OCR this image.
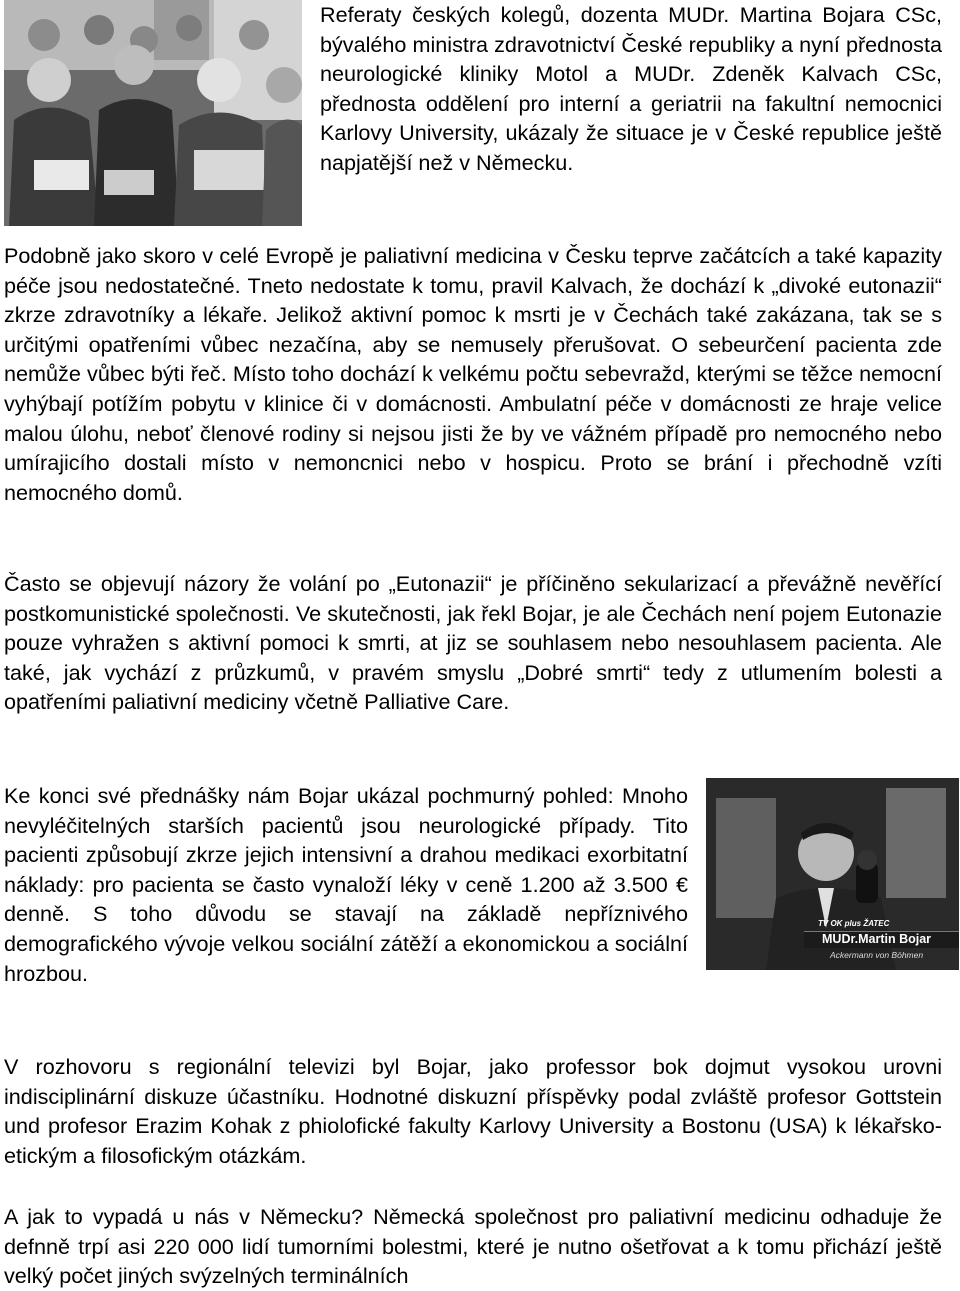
Referaty českých kolegů, dozenta MUDr. Martina Bojara CSc, bývalého ministra zdravotnictví České republiky a nyní přednosta neurologické kliniky Motol a MUDr. Zdeněk Kalvach CSc, přednosta oddělení pro interní a geriatrii na fakultní nemocnici Karlovy University, ukázaly že situace je v České republice ještě napjatější než v Německu.

Podobně jako skoro v celé Evropě je paliativní medicina v Česku teprve začátcích a také kapazity péče jsou nedostatečné. Tneto nedostate k tomu, pravil Kalvach, že dochází k „divoké eutonazii“ zkrze zdravotníky a lékaře. Jelikož aktivní pomoc k msrti je v Čechách také zakázana, tak se s určitými opatřeními vůbec nezačína, aby se nemusely přerušovat. O sebeurčení pacienta zde nemůže vůbec býti řeč. Místo toho dochází k velkému počtu sebevražd, kterými se těžce nemocní vyhýbají potížím pobytu v klinice či v domácnosti. Ambulatní péče v domácnosti ze hraje velice malou úlohu, neboť členové rodiny si nejsou jisti že by ve vážném případě pro nemocného nebo umírajicího dostali místo v nemoncnici nebo v hospicu. Proto se brání i přechodně vzíti nemocného domů.

Často se objevují názory že volání po „Eutonazii“ je příčiněno sekularizací a převážně nevěřící postkomunistické společnosti. Ve skutečnosti, jak řekl Bojar, je ale Čechách není pojem Eutonazie pouze vyhražen s aktivní pomoci k smrti, at jiz se souhlasem nebo nesouhlasem pacienta. Ale také, jak vychází z průzkumů, v pravém smyslu „Dobré smrti“ tedy z utlumením bolesti a opatřeními paliativní mediciny včetně Palliative Care.

Ke konci své přednášky nám Bojar ukázal pochmurný pohled: Mnoho nevyléčitelných starších pacientů jsou neurologické případy. Tito pacienti způsobují zkrze jejich intensivní a drahou medikaci exorbitatní náklady: pro pacienta se často vynaloží léky v ceně 1.200 až 3.500 € denně. S toho důvodu se stavají na základě nepříznivého demografického vývoje velkou sociální zátěží a ekonomickou a sociální hrozbou.

TV OK plus ŽATEC
MUDr.Martin Bojar
Ackermann von Böhmen

V rozhovoru s regionální televizi byl Bojar, jako professor bok dojmut vysokou urovni indisciplinární diskuze účastníku. Hodnotné diskuzní příspěvky podal zvláště profesor Gottstein und profesor Erazim Kohak z phiolofické fakulty Karlovy University a Bostonu (USA) k lékařsko-etickým a filosofickým otázkám.

A jak to vypadá u nás v Německu? Německá společnost pro paliativní medicinu odhaduje že defnně trpí asi 220 000 lidí tumorními bolestmi, které je nutno ošetřovat a k tomu přichází ještě velký počet jiných svýzelných terminálních
